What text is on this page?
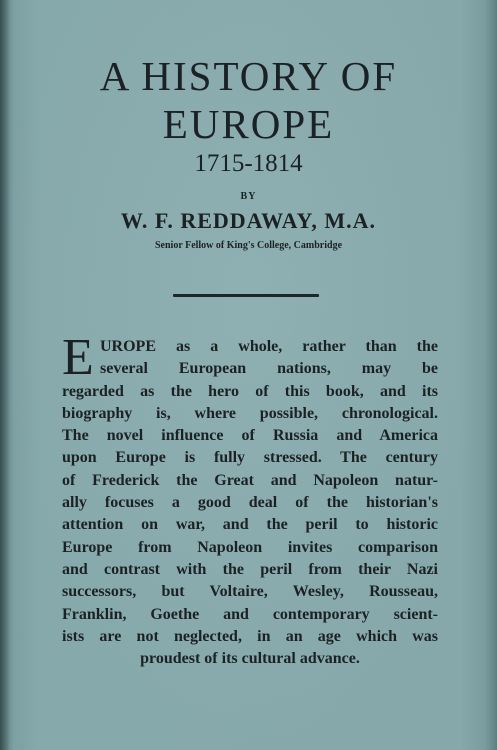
A HISTORY OF
EUROPE
1715-1814
BY
W. F. REDDAWAY, M.A.
Senior Fellow of King's College, Cambridge
E UROPE as a whole, rather than the
several European nations, may be
regarded as the hero of this book, and its
biography is, where possible, chronological.
The novel influence of Russia and America
upon Europe is fully stressed. The century
of Frederick the Great and Napoleon natur-
ally focuses a good deal of the historian's
attention on war, and the peril to historic
Europe from Napoleon invites comparison
and contrast with the peril from their Nazi
successors, but Voltaire, Wesley, Rousseau,
Franklin, Goethe and contemporary scient-
ists are not neglected, in an age which was
proudest of its cultural advance.
